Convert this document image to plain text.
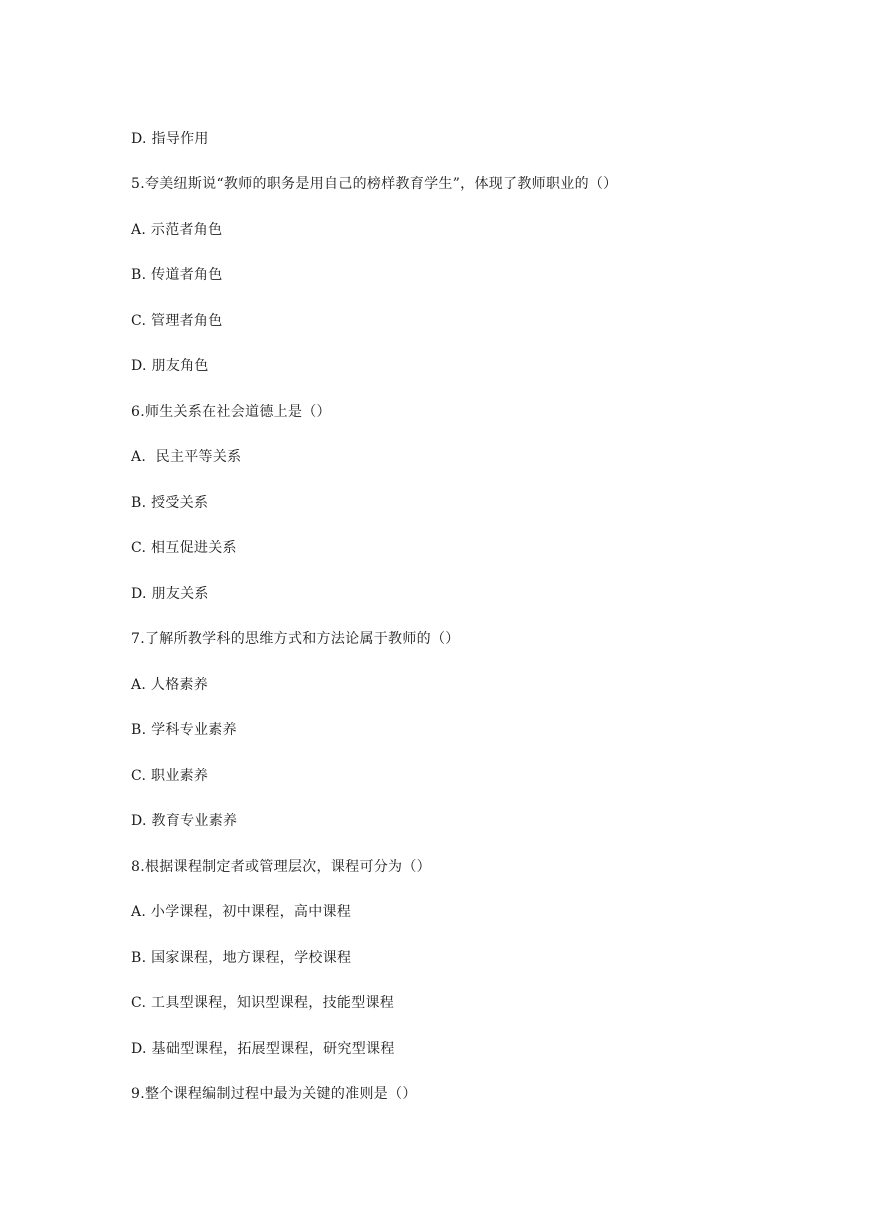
D. 指导作用
5.夸美纽斯说“教师的职务是用自己的榜样教育学生”，体现了教师职业的（）
A. 示范者角色
B. 传道者角色
C. 管理者角色
D. 朋友角色
6.师生关系在社会道德上是（）
A.  民主平等关系
B. 授受关系
C. 相互促进关系
D. 朋友关系
7.了解所教学科的思维方式和方法论属于教师的（）
A. 人格素养
B. 学科专业素养
C. 职业素养
D. 教育专业素养
8.根据课程制定者或管理层次，课程可分为（）
A. 小学课程，初中课程，高中课程
B. 国家课程，地方课程，学校课程
C. 工具型课程，知识型课程，技能型课程
D. 基础型课程，拓展型课程，研究型课程
9.整个课程编制过程中最为关键的准则是（）
